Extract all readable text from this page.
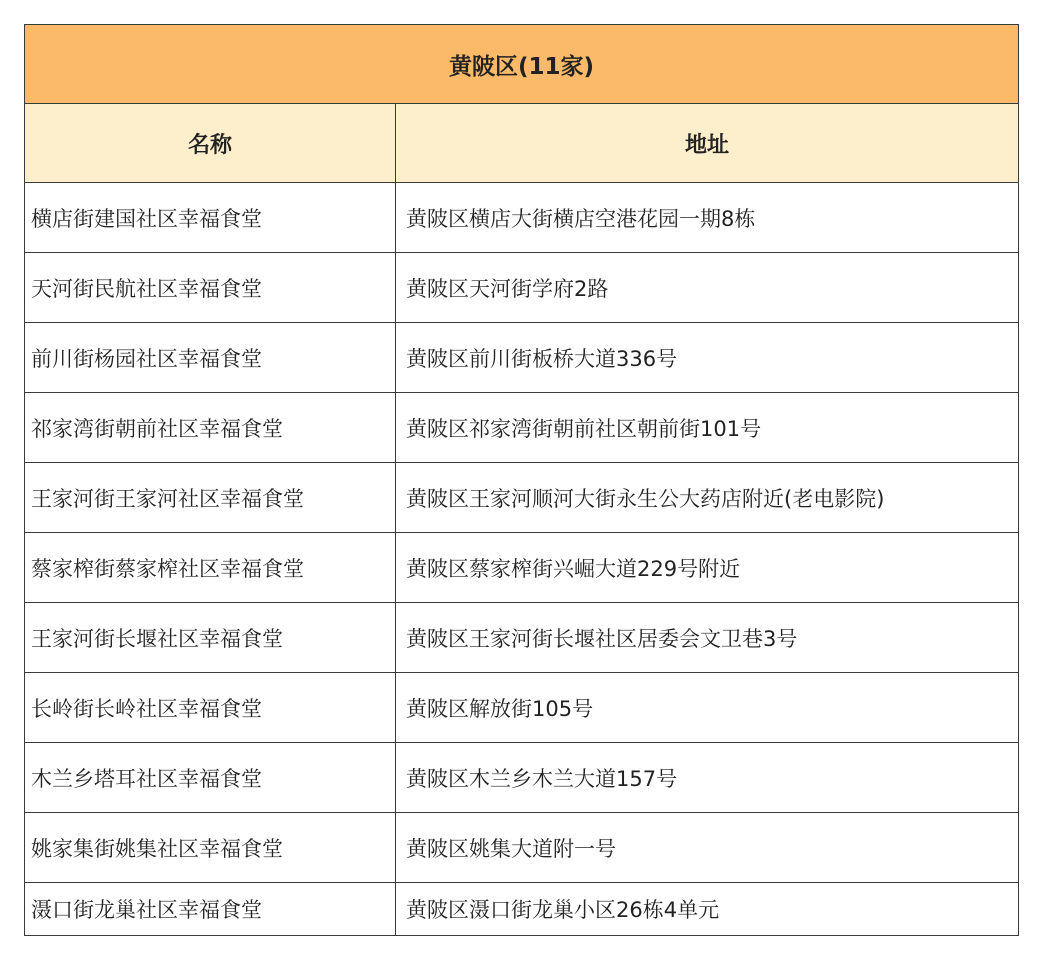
黄陂区(11家)	
名称	地址
横店街建国社区幸福食堂	黄陂区横店大街横店空港花园一期8栋
天河街民航社区幸福食堂	黄陂区天河街学府2路
前川街杨园社区幸福食堂	黄陂区前川街板桥大道336号
祁家湾街朝前社区幸福食堂	黄陂区祁家湾街朝前社区朝前街101号
王家河街王家河社区幸福食堂	黄陂区王家河顺河大街永生公大药店附近(老电影院)
蔡家榨街蔡家榨社区幸福食堂	黄陂区蔡家榨街兴崛大道229号附近
王家河街长堰社区幸福食堂	黄陂区王家河街长堰社区居委会文卫巷3号
长岭街长岭社区幸福食堂	黄陂区解放街105号
木兰乡塔耳社区幸福食堂	黄陂区木兰乡木兰大道157号
姚家集街姚集社区幸福食堂	黄陂区姚集大道附一号
滠口街龙巢社区幸福食堂	黄陂区滠口街龙巢小区26栋4单元
